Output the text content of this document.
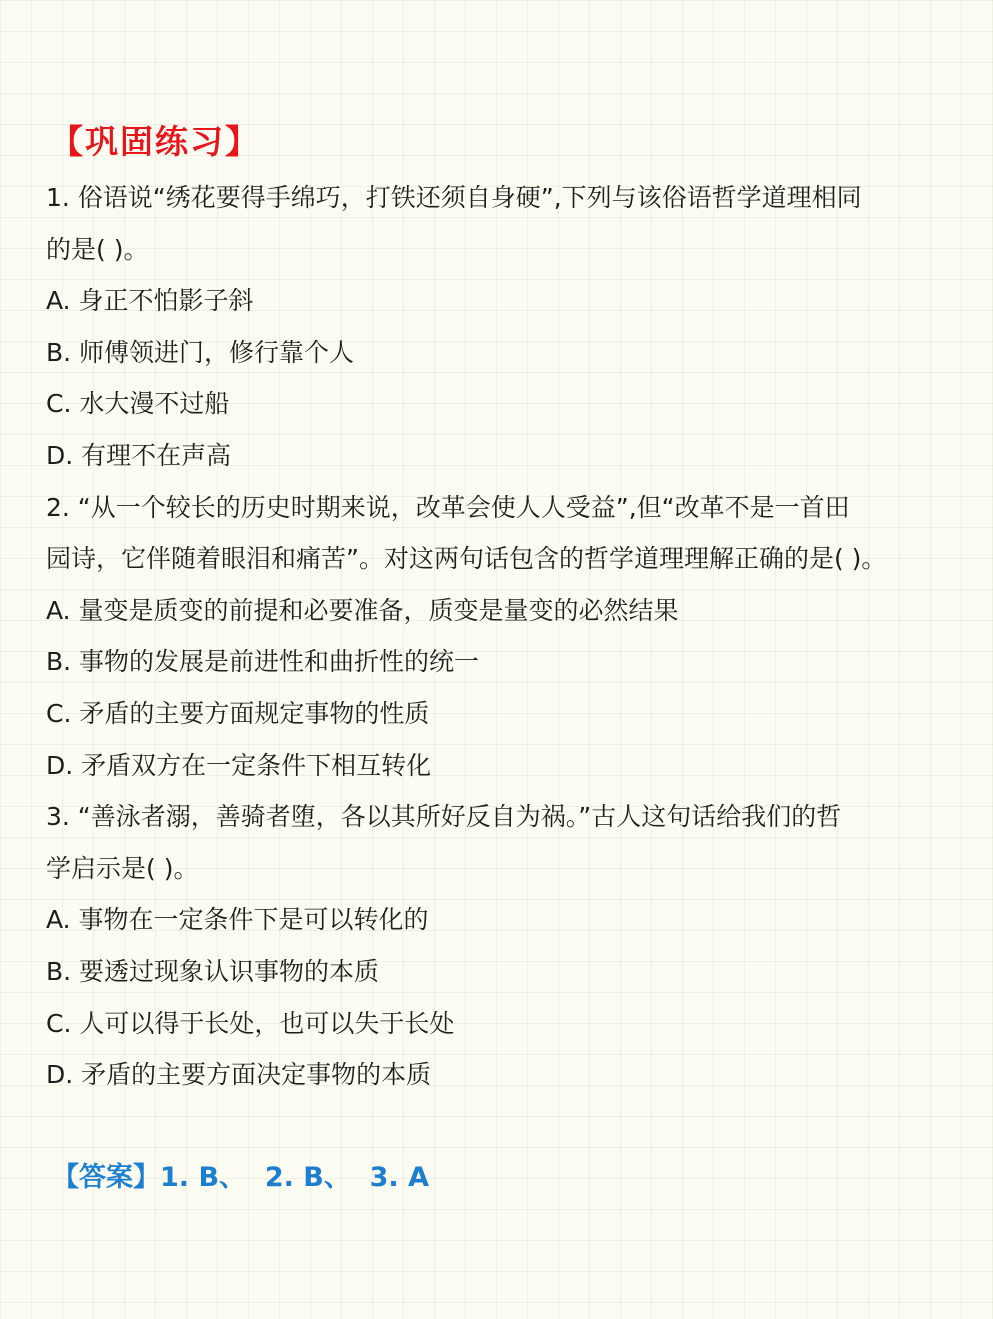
【巩固练习】
1. 俗语说“绣花要得手绵巧，打铁还须自身硬”,下列与该俗语哲学道理相同
的是( )。
A. 身正不怕影子斜
B. 师傅领进门，修行靠个人
C. 水大漫不过船
D. 有理不在声高
2. “从一个较长的历史时期来说，改革会使人人受益”,但“改革不是一首田
园诗，它伴随着眼泪和痛苦”。对这两句话包含的哲学道理理解正确的是( )。
A. 量变是质变的前提和必要准备，质变是量变的必然结果
B. 事物的发展是前进性和曲折性的统一
C. 矛盾的主要方面规定事物的性质
D. 矛盾双方在一定条件下相互转化
3. “善泳者溺，善骑者堕，各以其所好反自为祸。”古人这句话给我们的哲
学启示是( )。
A. 事物在一定条件下是可以转化的
B. 要透过现象认识事物的本质
C. 人可以得于长处，也可以失于长处
D. 矛盾的主要方面决定事物的本质
【答案】1. B、  2. B、  3. A
